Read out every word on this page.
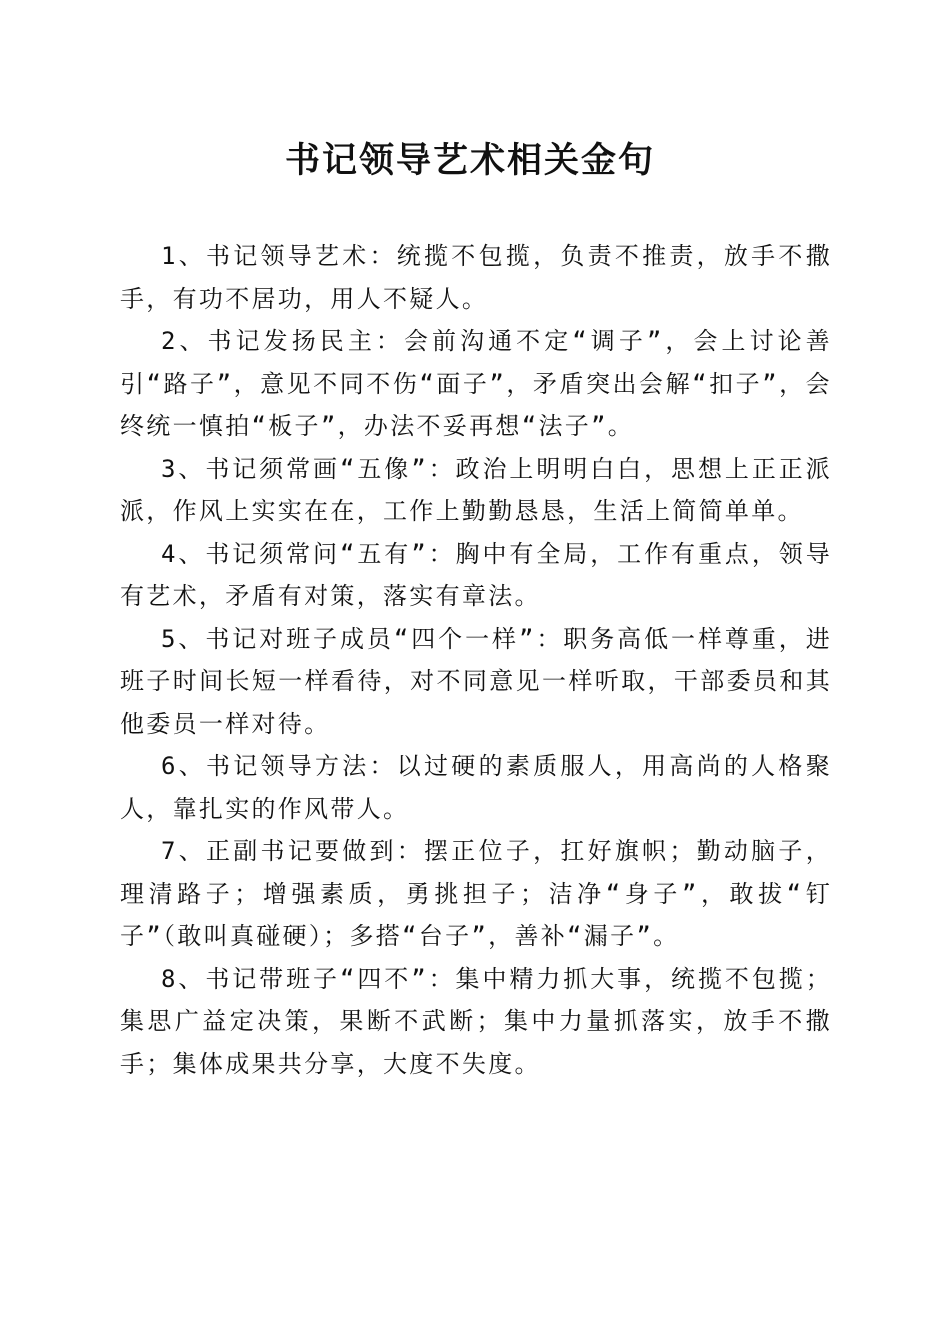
书记领导艺术相关金句

1、书记领导艺术：统揽不包揽，负责不推责，放手不撒手，有功不居功，用人不疑人。

2、书记发扬民主：会前沟通不定“调子”，会上讨论善引“路子”，意见不同不伤“面子”，矛盾突出会解“扣子”，会终统一慎拍“板子”，办法不妥再想“法子”。

3、书记须常画“五像”：政治上明明白白，思想上正正派派，作风上实实在在，工作上勤勤恳恳，生活上简简单单。

4、书记须常问“五有”：胸中有全局，工作有重点，领导有艺术，矛盾有对策，落实有章法。

5、书记对班子成员“四个一样”：职务高低一样尊重，进班子时间长短一样看待，对不同意见一样听取，干部委员和其他委员一样对待。

6、书记领导方法：以过硬的素质服人，用高尚的人格聚人，靠扎实的作风带人。

7、正副书记要做到：摆正位子，扛好旗帜；勤动脑子，理清路子；增强素质，勇挑担子；洁净“身子”，敢拔“钉子”（敢叫真碰硬）；多搭“台子”，善补“漏子”。

8、书记带班子“四不”：集中精力抓大事，统揽不包揽；集思广益定决策，果断不武断；集中力量抓落实，放手不撒手；集体成果共分享，大度不失度。
